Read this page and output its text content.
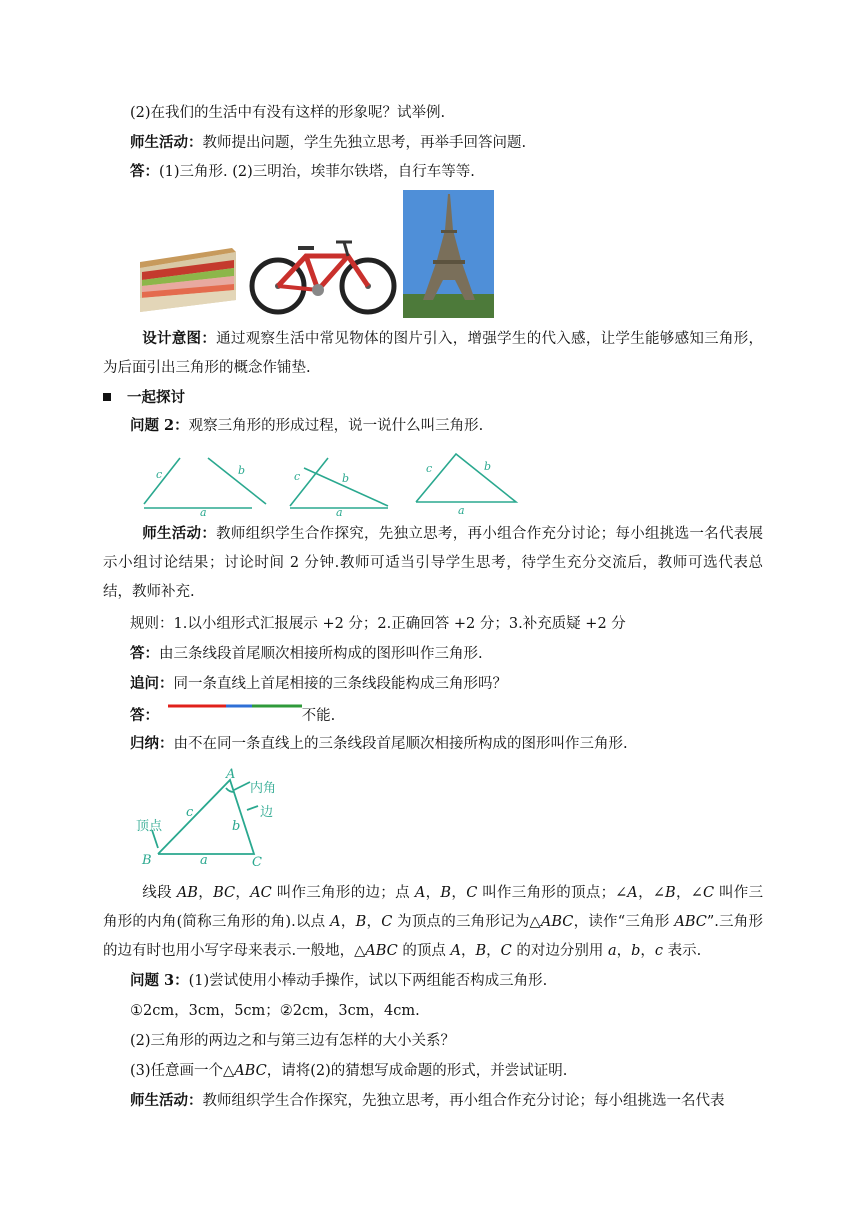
(2)在我们的生活中有没有这样的形象呢？试举例.
师生活动：教师提出问题，学生先独立思考，再举手回答问题.
答：(1)三角形. (2)三明治，埃菲尔铁塔，自行车等等.
设计意图：通过观察生活中常见物体的图片引入，增强学生的代入感，让学生能够感知三角形，为后面引出三角形的概念作铺垫.
一起探讨
问题 2：观察三角形的形成过程，说一说什么叫三角形.
c	b
a
c	b
a
c	b
a
师生活动：教师组织学生合作探究，先独立思考，再小组合作充分讨论；每小组挑选一名代表展示小组讨论结果；讨论时间 2 分钟.教师可适当引导学生思考，待学生充分交流后，教师可选代表总结，教师补充.
规则：1.以小组形式汇报展示 +2 分；2.正确回答 +2 分；3.补充质疑 +2 分
答：由三条线段首尾顺次相接所构成的图形叫作三角形.
追问：同一条直线上首尾相接的三条线段能构成三角形吗？
答：	不能.
归纳：由不在同一条直线上的三条线段首尾顺次相接所构成的图形叫作三角形.
A
B	C
c
b
a
顶点
内角
边
线段 AB，BC，AC 叫作三角形的边；点 A，B，C 叫作三角形的顶点；∠A，∠B，∠C 叫作三角形的内角(简称三角形的角).以点 A，B，C 为顶点的三角形记为△ABC，读作“三角形 ABC”.三角形的边有时也用小写字母来表示.一般地，△ABC 的顶点 A，B，C 的对边分别用 a，b，c 表示.
问题 3：(1)尝试使用小棒动手操作，试以下两组能否构成三角形.
①2cm，3cm，5cm；②2cm，3cm，4cm.
(2)三角形的两边之和与第三边有怎样的大小关系？
(3)任意画一个△ABC，请将(2)的猜想写成命题的形式，并尝试证明.
师生活动：教师组织学生合作探究，先独立思考，再小组合作充分讨论；每小组挑选一名代表
